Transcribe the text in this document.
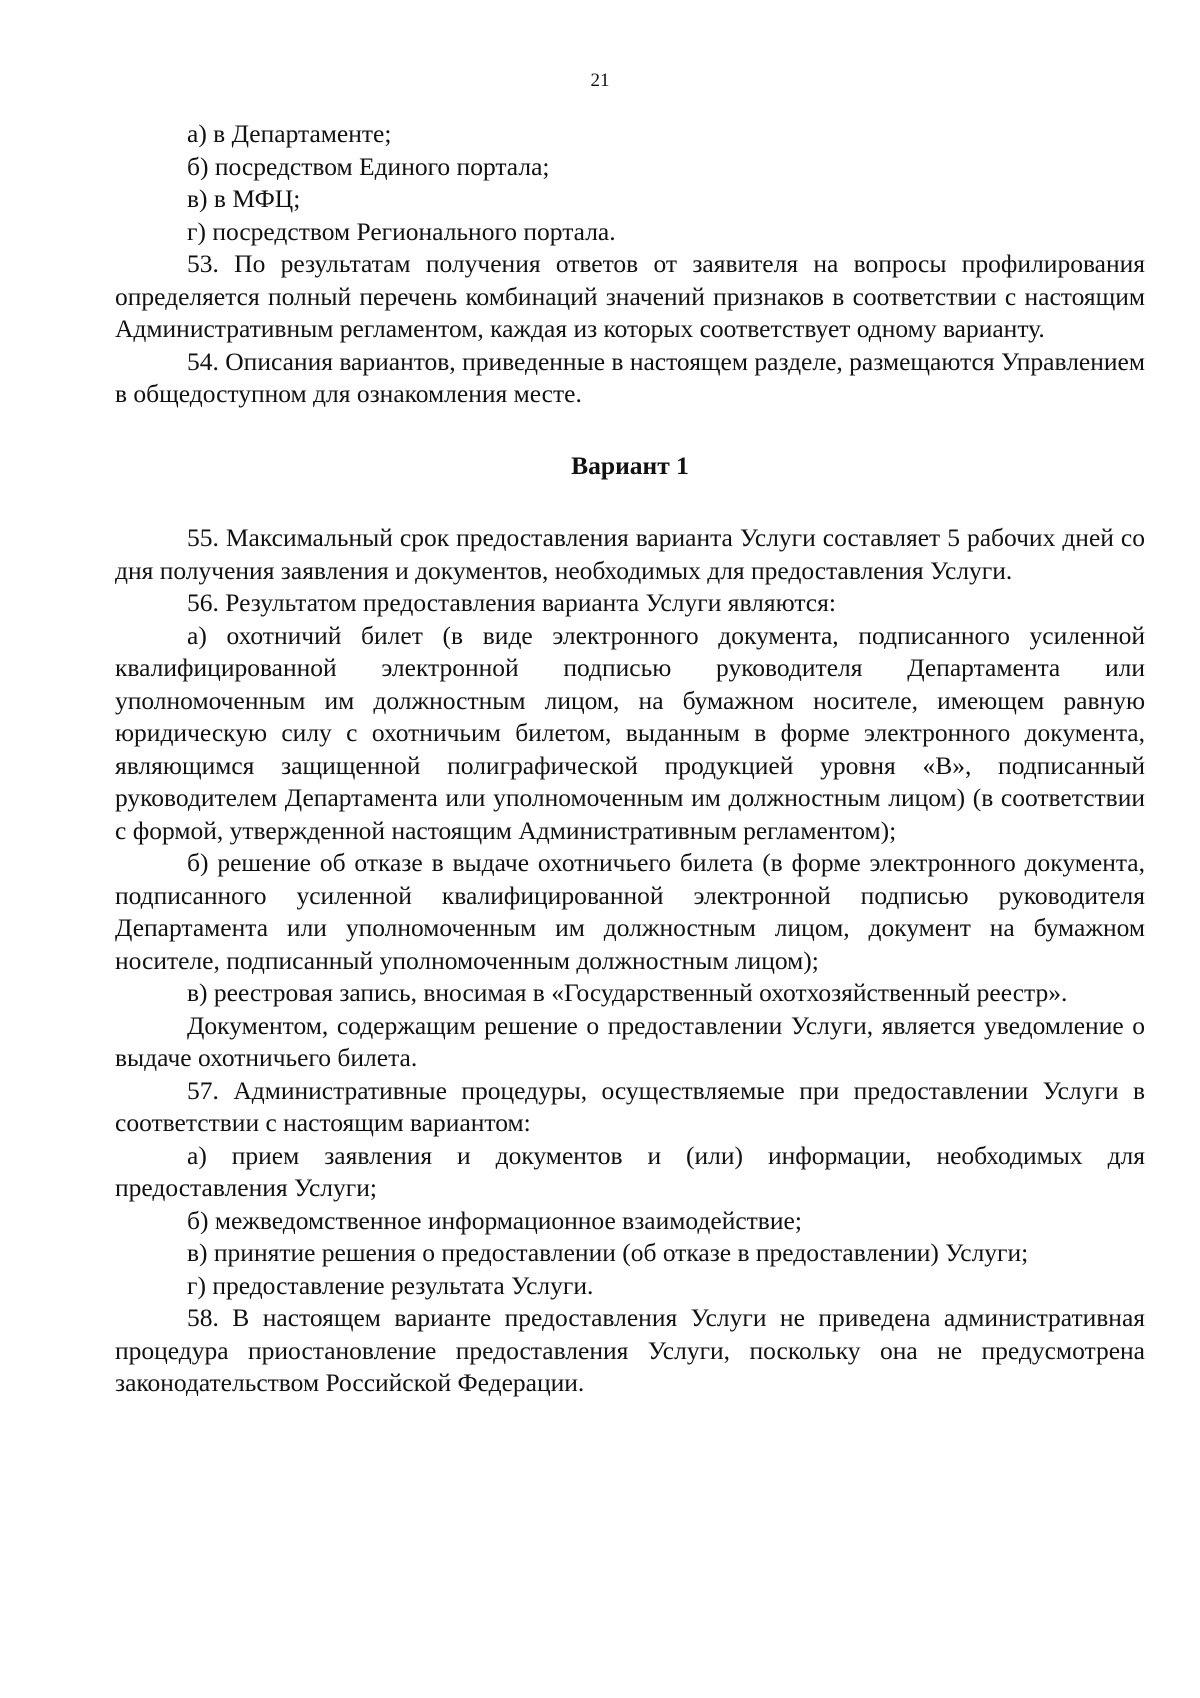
21

а) в Департаменте;

б) посредством Единого портала;

в) в МФЦ;

г) посредством Регионального портала.

53. По результатам получения ответов от заявителя на вопросы профилирования определяется полный перечень комбинаций значений признаков в соответствии с настоящим Административным регламентом, каждая из которых соответствует одному варианту.

54. Описания вариантов, приведенные в настоящем разделе, размещаются Управлением в общедоступном для ознакомления месте.

Вариант 1

55. Максимальный срок предоставления варианта Услуги составляет 5 рабочих дней со дня получения заявления и документов, необходимых для предоставления Услуги.

56. Результатом предоставления варианта Услуги являются:

а) охотничий билет (в виде электронного документа, подписанного усиленной квалифицированной электронной подписью руководителя Департамента или уполномоченным им должностным лицом, на бумажном носителе, имеющем равную юридическую силу с охотничьим билетом, выданным в форме электронного документа, являющимся защищенной полиграфической продукцией уровня «В», подписанный руководителем Департамента или уполномоченным им должностным лицом) (в соответствии с формой, утвержденной настоящим Административным регламентом);

б) решение об отказе в выдаче охотничьего билета (в форме электронного документа, подписанного усиленной квалифицированной электронной подписью руководителя Департамента или уполномоченным им должностным лицом, документ на бумажном носителе, подписанный уполномоченным должностным лицом);

в) реестровая запись, вносимая в «Государственный охотхозяйственный реестр».

Документом, содержащим решение о предоставлении Услуги, является уведомление о выдаче охотничьего билета.

57. Административные процедуры, осуществляемые при предоставлении Услуги в соответствии с настоящим вариантом:

а) прием заявления и документов и (или) информации, необходимых для предоставления Услуги;

б) межведомственное информационное взаимодействие;

в) принятие решения о предоставлении (об отказе в предоставлении) Услуги;

г) предоставление результата Услуги.

58. В настоящем варианте предоставления Услуги не приведена административная процедура приостановление предоставления Услуги, поскольку она не предусмотрена законодательством Российской Федерации.
